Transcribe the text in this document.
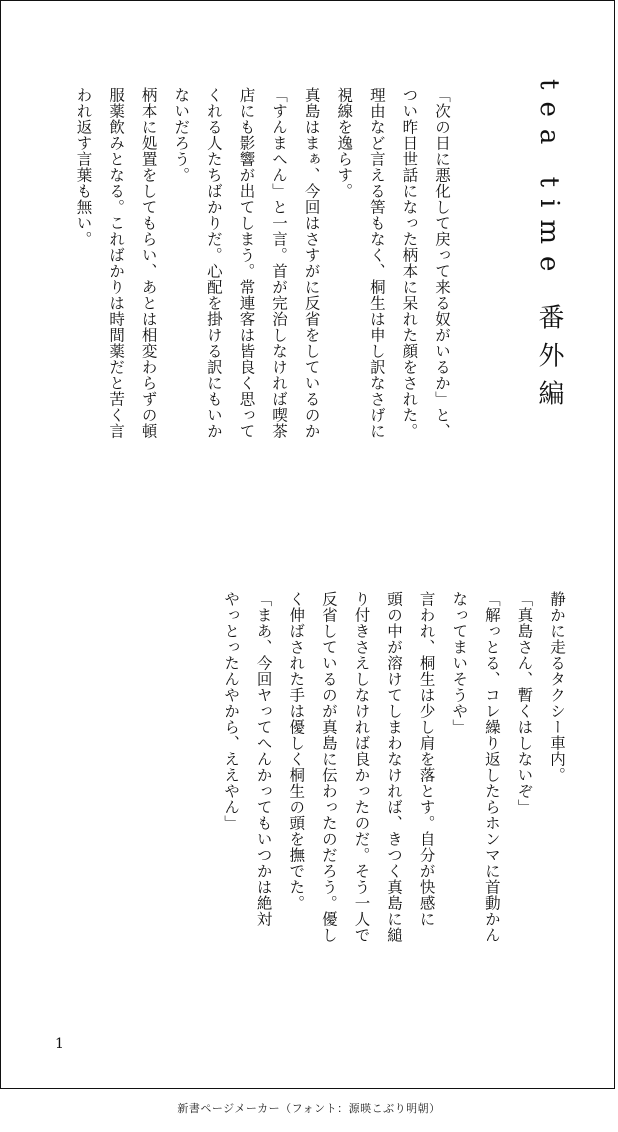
tea time 番外編
「次の日に悪化して戻って来る奴がいるか」と、
つい昨日世話になった柄本に呆れた顔をされた。
理由など言える筈もなく、桐生は申し訳なさげに
視線を逸らす。
真島はまぁ、今回はさすがに反省をしているのか
「すんまへん」と一言。首が完治しなければ喫茶
店にも影響が出てしまう。常連客は皆良く思って
くれる人たちばかりだ。心配を掛ける訳にもいか
ないだろう。
柄本に処置をしてもらい、あとは相変わらずの頓
服薬飲みとなる。こればかりは時間薬だと苦く言
われ返す言葉も無い。
静かに走るタクシー車内。
「真島さん、暫くはしないぞ」
「解っとる、コレ繰り返したらホンマに首動かん
なってまいそうや」
言われ、桐生は少し肩を落とす。自分が快感に
頭の中が溶けてしまわなければ、きつく真島に縋
り付きさえしなければ良かったのだ。そう一人で
反省しているのが真島に伝わったのだろう。優し
く伸ばされた手は優しく桐生の頭を撫でた。
「まあ、今回ヤってへんかってもいつかは絶対
やっとったんやから、ええやん」
1
新書ページメーカー（フォント：源暎こぶり明朝）
